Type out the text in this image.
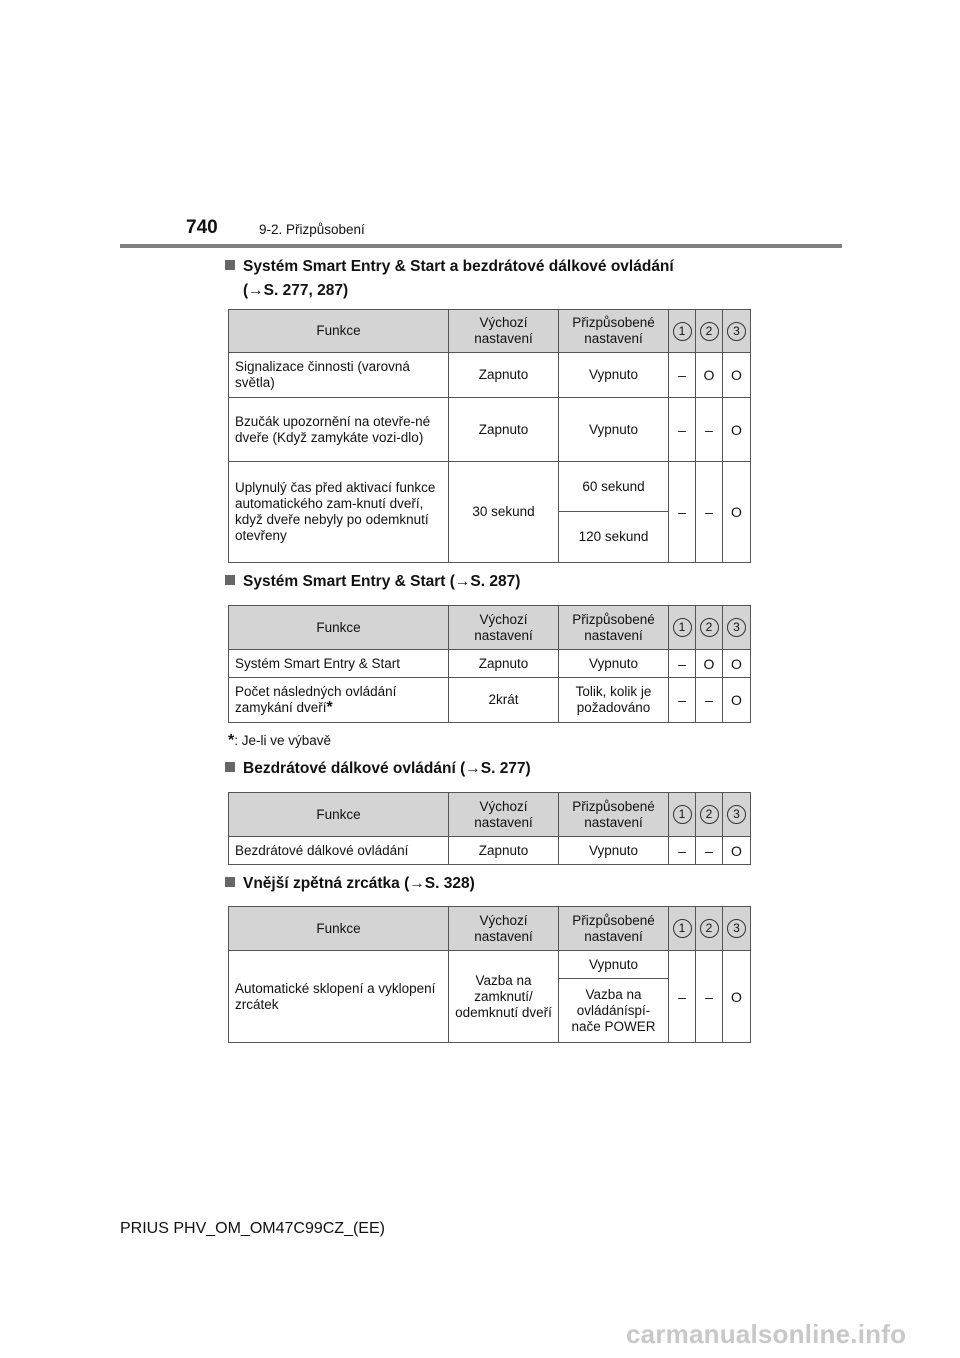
740	9-2. Přizpůsobení
Systém Smart Entry & Start a bezdrátové dálkové ovládání
(→S. 277, 287)
Funkce	Výchozí nastavení	Přizpůsobené nastavení	1	2	3
Signalizace činnosti (varovná světla)	Zapnuto	Vypnuto	–	O	O
Bzučák upozornění na otevře-né dveře (Když zamykáte vozi-dlo)	Zapnuto	Vypnuto	–	–	O
Uplynulý čas před aktivací funkce automatického zam-knutí dveří, když dveře nebyly po odemknutí otevřeny	30 sekund	60 sekund	–	–	O
		120 sekund			
Systém Smart Entry & Start (→S. 287)
Funkce	Výchozí nastavení	Přizpůsobené nastavení	1	2	3
Systém Smart Entry & Start	Zapnuto	Vypnuto	–	O	O
Počet následných ovládání zamykání dveří*	2krát	Tolik, kolik je požadováno	–	–	O
*: Je-li ve výbavě
Bezdrátové dálkové ovládání (→S. 277)
Funkce	Výchozí nastavení	Přizpůsobené nastavení	1	2	3
Bezdrátové dálkové ovládání	Zapnuto	Vypnuto	–	–	O
Vnější zpětná zrcátka (→S. 328)
Funkce	Výchozí nastavení	Přizpůsobené nastavení	1	2	3
Automatické sklopení a vyklopení zrcátek	Vazba na zamknutí/ odemknutí dveří	Vypnuto	–	–	O
		Vazba na ovládáníspí-nače POWER			
PRIUS PHV_OM_OM47C99CZ_(EE)
carmanualsonline.info
